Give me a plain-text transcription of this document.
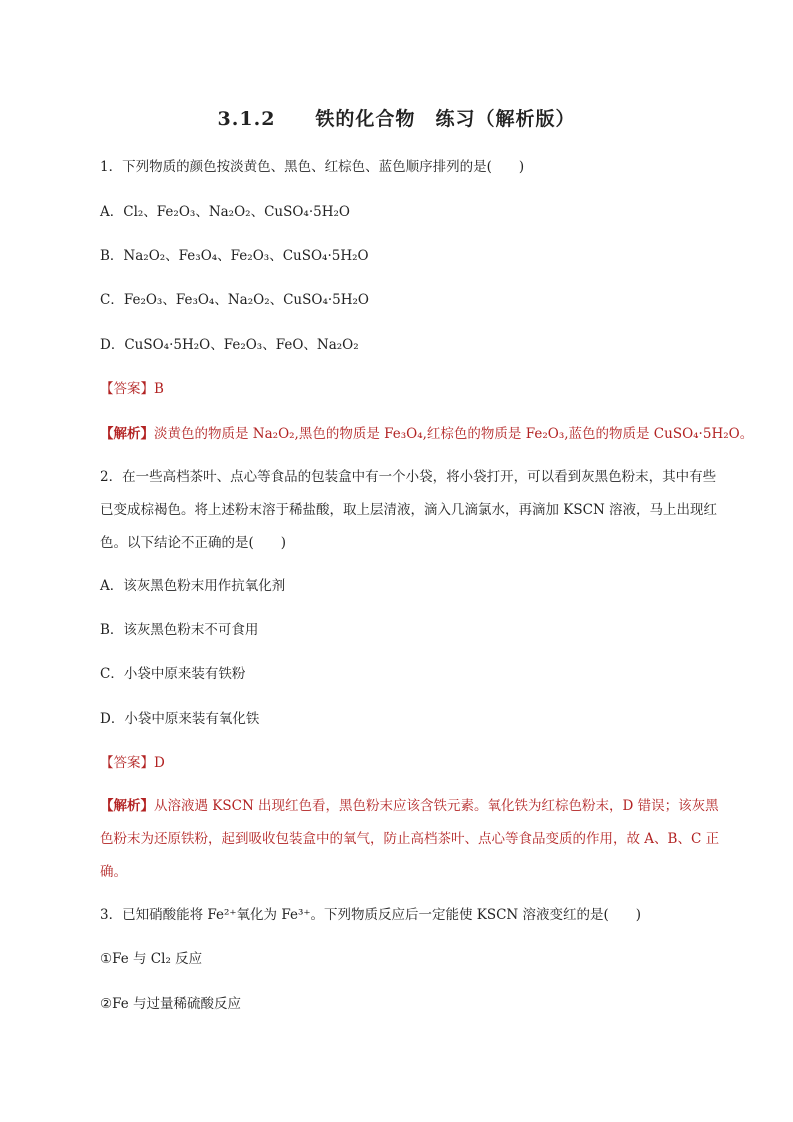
3.1.2　　铁的化合物　练习（解析版）
1．下列物质的颜色按淡黄色、黑色、红棕色、蓝色顺序排列的是(　　)
A．Cl₂、Fe₂O₃、Na₂O₂、CuSO₄·5H₂O
B．Na₂O₂、Fe₃O₄、Fe₂O₃、CuSO₄·5H₂O
C．Fe₂O₃、Fe₃O₄、Na₂O₂、CuSO₄·5H₂O
D．CuSO₄·5H₂O、Fe₂O₃、FeO、Na₂O₂
【答案】B
【解析】淡黄色的物质是 Na₂O₂,黑色的物质是 Fe₃O₄,红棕色的物质是 Fe₂O₃,蓝色的物质是 CuSO₄·5H₂O。
2．在一些高档茶叶、点心等食品的包装盒中有一个小袋，将小袋打开，可以看到灰黑色粉末，其中有些已变成棕褐色。将上述粉末溶于稀盐酸，取上层清液，滴入几滴氯水，再滴加 KSCN 溶液，马上出现红色。以下结论不正确的是(　　)
A．该灰黑色粉末用作抗氧化剂
B．该灰黑色粉末不可食用
C．小袋中原来装有铁粉
D．小袋中原来装有氧化铁
【答案】D
【解析】从溶液遇 KSCN 出现红色看，黑色粉末应该含铁元素。氧化铁为红棕色粉末，D 错误；该灰黑色粉末为还原铁粉，起到吸收包装盒中的氧气，防止高档茶叶、点心等食品变质的作用，故 A、B、C 正确。
3．已知硝酸能将 Fe²⁺氧化为 Fe³⁺。下列物质反应后一定能使 KSCN 溶液变红的是(　　)
①Fe 与 Cl₂ 反应
②Fe 与过量稀硫酸反应
